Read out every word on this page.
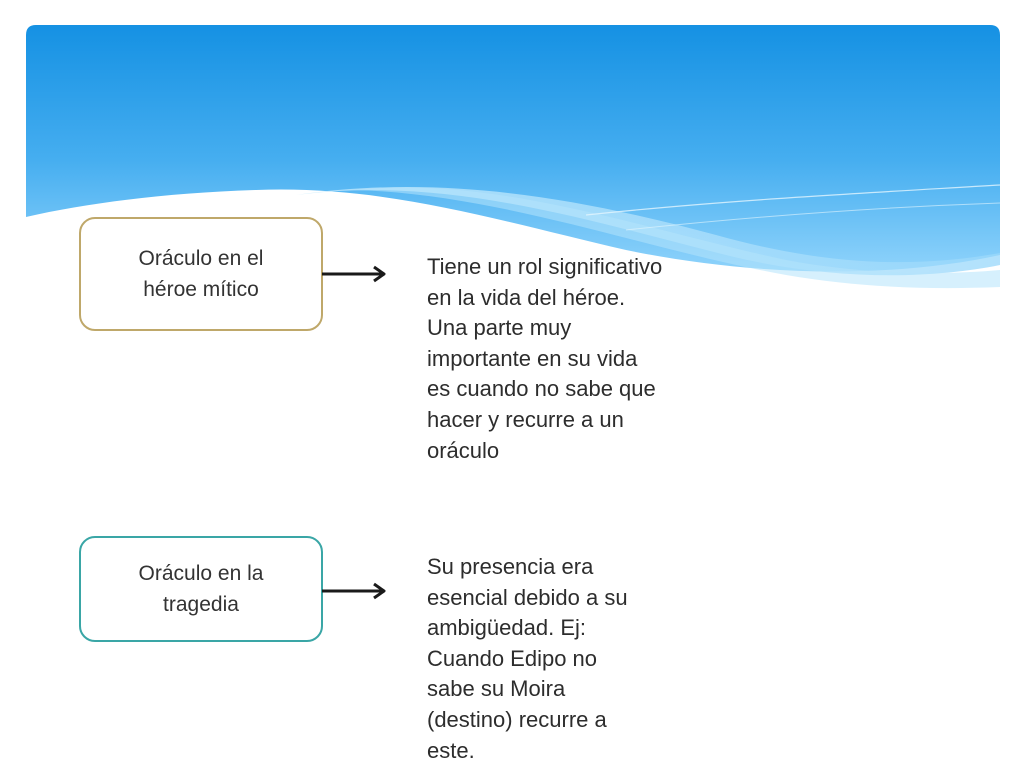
Oráculo en el
héroe mítico

Tiene un rol significativo
en la vida del héroe.
Una parte muy
importante en su vida
es cuando no sabe que
hacer y recurre a un
oráculo

Oráculo en la
tragedia

Su presencia era
esencial debido a su
ambigüedad. Ej:
Cuando Edipo no
sabe su Moira
(destino) recurre a
este.
